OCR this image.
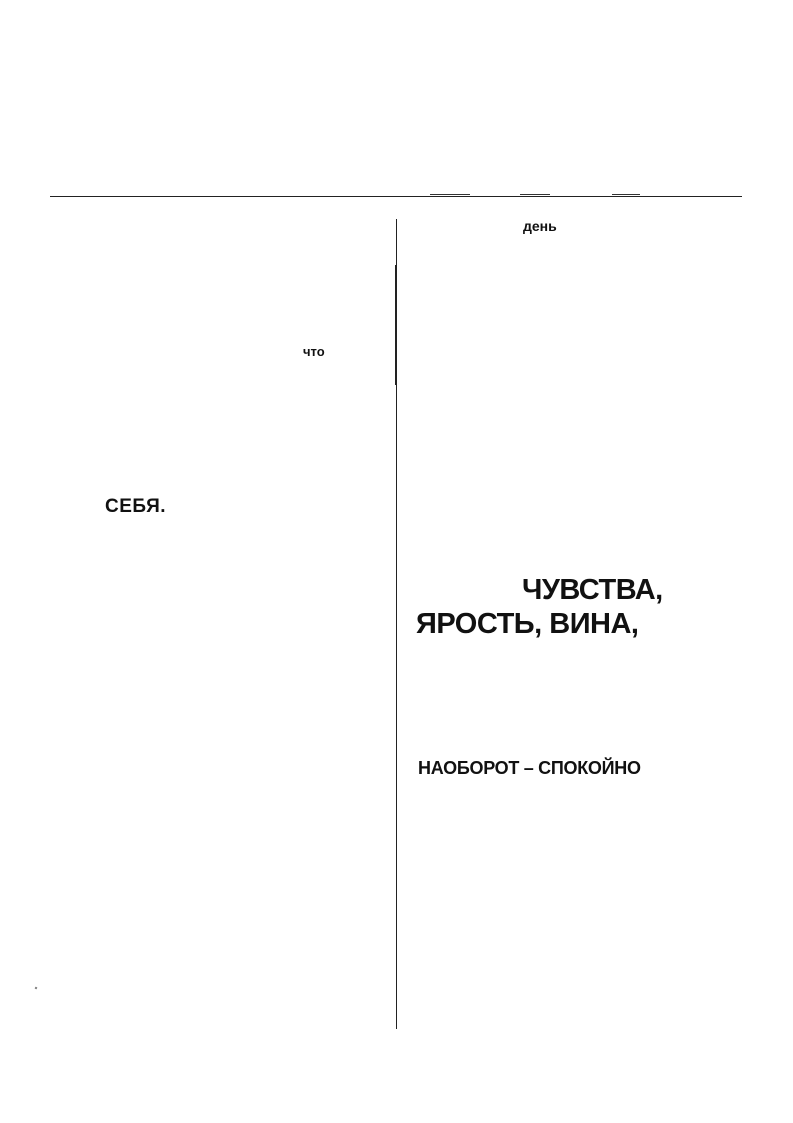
что

СЕБЯ.

день

ЧУВСТВА,

ЯРОСТЬ, ВИНА,

НАОБОРОТ – СПОКОЙНО
